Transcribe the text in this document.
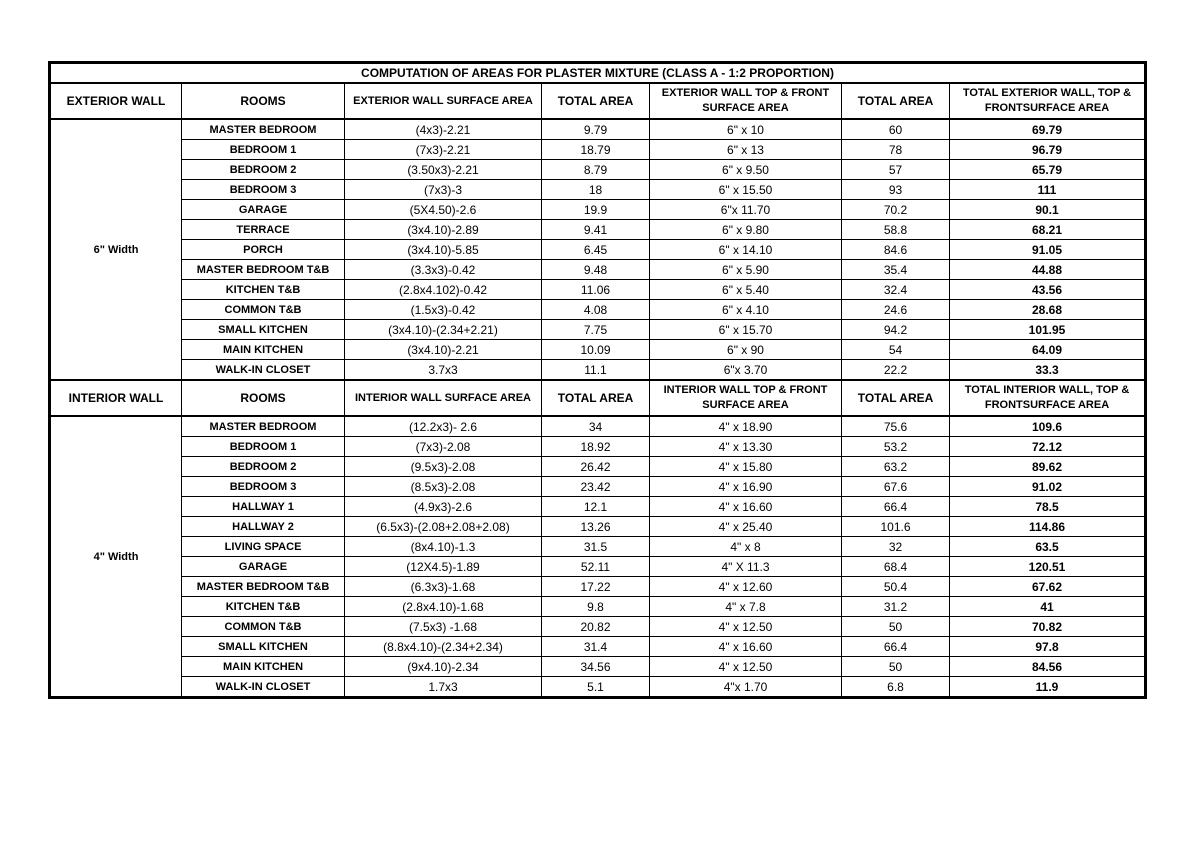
COMPUTATION OF AREAS FOR PLASTER MIXTURE (CLASS A - 1:2 PROPORTION)						
EXTERIOR WALL	ROOMS	EXTERIOR WALL SURFACE AREA	TOTAL AREA	EXTERIOR WALL TOP & FRONT SURFACE AREA	TOTAL AREA	TOTAL EXTERIOR WALL, TOP & FRONTSURFACE AREA
6" Width	MASTER BEDROOM	(4x3)-2.21	9.79	6" x 10	60	69.79
	BEDROOM 1	(7x3)-2.21	18.79	6" x 13	78	96.79
	BEDROOM 2	(3.50x3)-2.21	8.79	6" x 9.50	57	65.79
	BEDROOM 3	(7x3)-3	18	6" x 15.50	93	111
	GARAGE	(5X4.50)-2.6	19.9	6"x 11.70	70.2	90.1
	TERRACE	(3x4.10)-2.89	9.41	6" x 9.80	58.8	68.21
	PORCH	(3x4.10)-5.85	6.45	6" x 14.10	84.6	91.05
	MASTER BEDROOM T&B	(3.3x3)-0.42	9.48	6" x 5.90	35.4	44.88
	KITCHEN T&B	(2.8x4.102)-0.42	11.06	6" x 5.40	32.4	43.56
	COMMON T&B	(1.5x3)-0.42	4.08	6" x 4.10	24.6	28.68
	SMALL KITCHEN	(3x4.10)-(2.34+2.21)	7.75	6" x 15.70	94.2	101.95
	MAIN KITCHEN	(3x4.10)-2.21	10.09	6" x 90	54	64.09
	WALK-IN CLOSET	3.7x3	11.1	6"x 3.70	22.2	33.3
INTERIOR WALL	ROOMS	INTERIOR WALL SURFACE AREA	TOTAL AREA	INTERIOR WALL TOP & FRONT SURFACE AREA	TOTAL AREA	TOTAL INTERIOR WALL, TOP & FRONTSURFACE AREA
4" Width	MASTER BEDROOM	(12.2x3)- 2.6	34	4" x 18.90	75.6	109.6
	BEDROOM 1	(7x3)-2.08	18.92	4" x 13.30	53.2	72.12
	BEDROOM 2	(9.5x3)-2.08	26.42	4" x 15.80	63.2	89.62
	BEDROOM 3	(8.5x3)-2.08	23.42	4" x 16.90	67.6	91.02
	HALLWAY 1	(4.9x3)-2.6	12.1	4" x 16.60	66.4	78.5
	HALLWAY 2	(6.5x3)-(2.08+2.08+2.08)	13.26	4" x 25.40	101.6	114.86
	LIVING SPACE	(8x4.10)-1.3	31.5	4" x 8	32	63.5
	GARAGE	(12X4.5)-1.89	52.11	4" X 11.3	68.4	120.51
	MASTER BEDROOM T&B	(6.3x3)-1.68	17.22	4" x 12.60	50.4	67.62
	KITCHEN T&B	(2.8x4.10)-1.68	9.8	4" x 7.8	31.2	41
	COMMON T&B	(7.5x3) -1.68	20.82	4" x 12.50	50	70.82
	SMALL KITCHEN	(8.8x4.10)-(2.34+2.34)	31.4	4" x 16.60	66.4	97.8
	MAIN KITCHEN	(9x4.10)-2.34	34.56	4" x 12.50	50	84.56
	WALK-IN CLOSET	1.7x3	5.1	4"x 1.70	6.8	11.9
